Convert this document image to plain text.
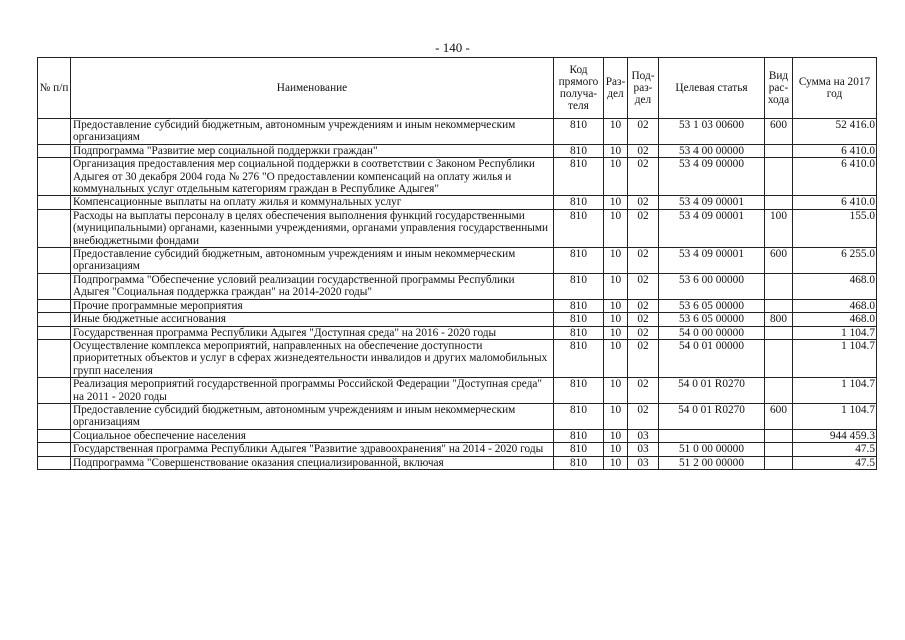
- 140 -
№ п/п	Наименование	Код прямого получа-теля	Раз-дел	Под-раз-дел	Целевая статья	Вид рас-хода	Сумма на 2017 год
	Предоставление субсидий бюджетным, автономным учреждениям и иным некоммерческим организациям	810	10	02	53 1 03 00600	600	52 416.0
	Подпрограмма "Развитие мер социальной поддержки граждан"	810	10	02	53 4 00 00000		6 410.0
	Организация предоставления мер социальной поддержки в соответствии с Законом Республики Адыгея от 30 декабря 2004 года № 276 "О предоставлении компенсаций на оплату жилья и коммунальных услуг отдельным категориям граждан в Республике Адыгея"	810	10	02	53 4 09 00000		6 410.0
	Компенсационные выплаты на оплату жилья и коммунальных услуг	810	10	02	53 4 09 00001		6 410.0
	Расходы на выплаты персоналу в целях обеспечения выполнения функций государственными (муниципальными) органами, казенными учреждениями, органами управления государственными внебюджетными фондами	810	10	02	53 4 09 00001	100	155.0
	Предоставление субсидий бюджетным, автономным учреждениям и иным некоммерческим организациям	810	10	02	53 4 09 00001	600	6 255.0
	Подпрограмма "Обеспечение условий реализации государственной программы Республики Адыгея "Социальная поддержка граждан" на 2014-2020 годы"	810	10	02	53 6 00 00000		468.0
	Прочие программные мероприятия	810	10	02	53 6 05 00000		468.0
	Иные бюджетные ассигнования	810	10	02	53 6 05 00000	800	468.0
	Государственная программа Республики Адыгея "Доступная среда" на 2016 - 2020 годы	810	10	02	54 0 00 00000		1 104.7
	Осуществление комплекса мероприятий, направленных на обеспечение доступности приоритетных объектов и услуг в сферах жизнедеятельности инвалидов и других маломобильных групп населения	810	10	02	54 0 01 00000		1 104.7
	Реализация мероприятий государственной программы Российской Федерации "Доступная среда" на 2011 - 2020 годы	810	10	02	54 0 01 R0270		1 104.7
	Предоставление субсидий бюджетным, автономным учреждениям и иным некоммерческим организациям	810	10	02	54 0 01 R0270	600	1 104.7
	Социальное обеспечение населения	810	10	03			944 459.3
	Государственная программа Республики Адыгея "Развитие здравоохранения" на 2014 - 2020 годы	810	10	03	51 0 00 00000		47.5
	Подпрограмма "Совершенствование оказания специализированной, включая	810	10	03	51 2 00 00000		47.5
